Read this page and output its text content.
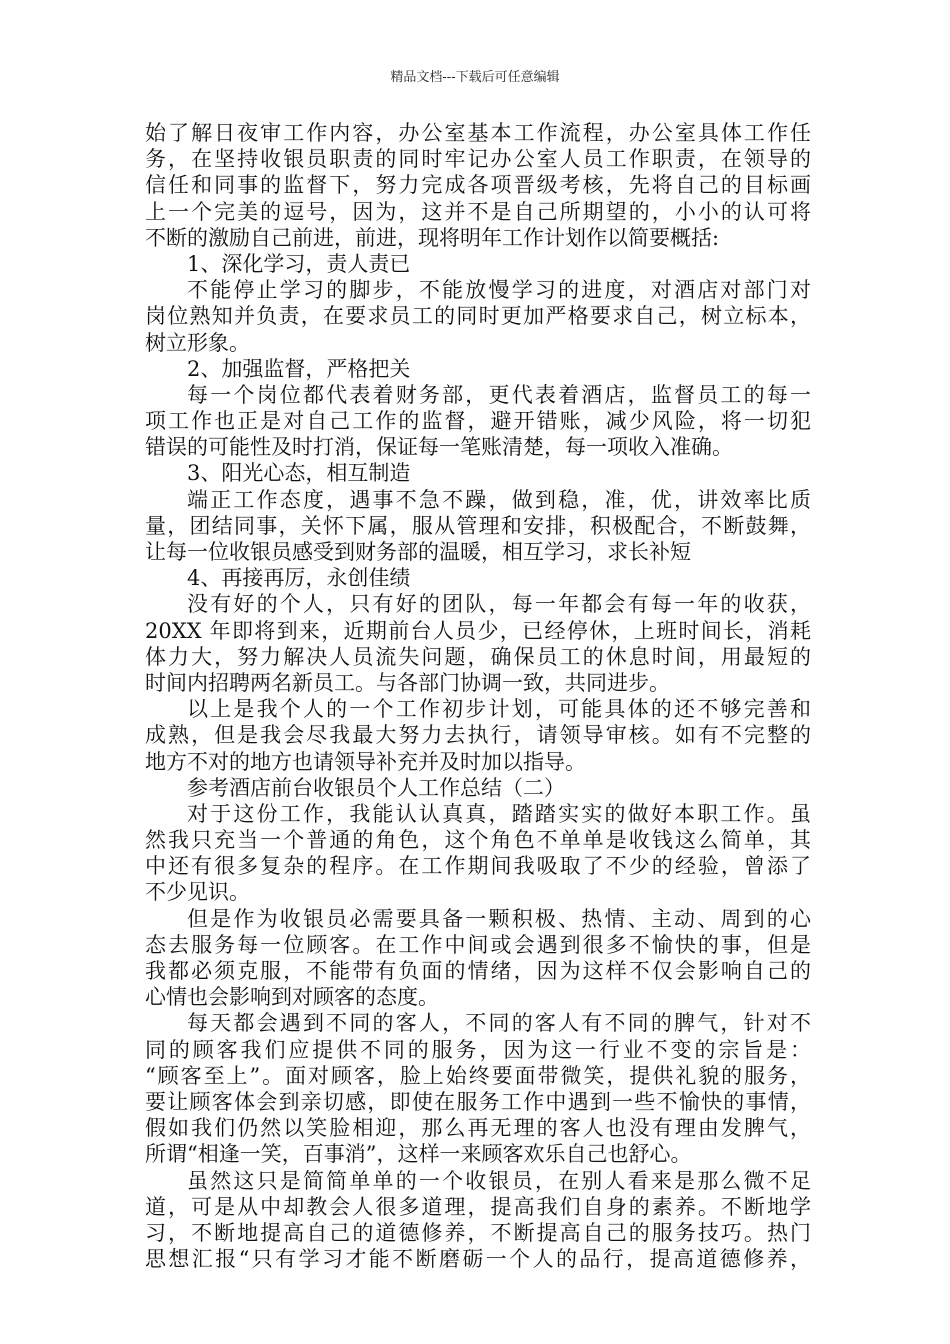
精品文档---下载后可任意编辑
始了解日夜审工作内容，办公室基本工作流程，办公室具体工作任
务，在坚持收银员职责的同时牢记办公室人员工作职责，在领导的
信任和同事的监督下，努力完成各项晋级考核，先将自己的目标画
上一个完美的逗号，因为，这并不是自己所期望的，小小的认可将
不断的激励自己前进，前进，现将明年工作计划作以简要概括:
1、深化学习，责人责已
不能停止学习的脚步，不能放慢学习的进度，对酒店对部门对
岗位熟知并负责，在要求员工的同时更加严格要求自己，树立标本，
树立形象。
2、加强监督，严格把关
每一个岗位都代表着财务部，更代表着酒店，监督员工的每一
项工作也正是对自己工作的监督，避开错账，减少风险，将一切犯
错误的可能性及时打消，保证每一笔账清楚，每一项收入准确。
3、阳光心态，相互制造
端正工作态度，遇事不急不躁，做到稳，准，优，讲效率比质
量，团结同事，关怀下属，服从管理和安排，积极配合，不断鼓舞，
让每一位收银员感受到财务部的温暖，相互学习，求长补短
4、再接再厉，永创佳绩
没有好的个人，只有好的团队，每一年都会有每一年的收获，
20XX 年即将到来，近期前台人员少，已经停休，上班时间长，消耗
体力大，努力解决人员流失问题，确保员工的休息时间，用最短的
时间内招聘两名新员工。与各部门协调一致，共同进步。
以上是我个人的一个工作初步计划，可能具体的还不够完善和
成熟，但是我会尽我最大努力去执行，请领导审核。如有不完整的
地方不对的地方也请领导补充并及时加以指导。
参考酒店前台收银员个人工作总结（二）
对于这份工作，我能认认真真，踏踏实实的做好本职工作。虽
然我只充当一个普通的角色，这个角色不单单是收钱这么简单，其
中还有很多复杂的程序。在工作期间我吸取了不少的经验，曾添了
不少见识。
但是作为收银员必需要具备一颗积极、热情、主动、周到的心
态去服务每一位顾客。在工作中间或会遇到很多不愉快的事，但是
我都必须克服，不能带有负面的情绪，因为这样不仅会影响自己的
心情也会影响到对顾客的态度。
每天都会遇到不同的客人，不同的客人有不同的脾气，针对不
同的顾客我们应提供不同的服务，因为这一行业不变的宗旨是：
“顾客至上”。面对顾客，脸上始终要面带微笑，提供礼貌的服务，
要让顾客体会到亲切感，即使在服务工作中遇到一些不愉快的事情，
假如我们仍然以笑脸相迎，那么再无理的客人也没有理由发脾气，
所谓“相逢一笑，百事消”，这样一来顾客欢乐自己也舒心。
虽然这只是简简单单的一个收银员，在别人看来是那么微不足
道，可是从中却教会人很多道理，提高我们自身的素养。不断地学
习，不断地提高自己的道德修养，不断提高自己的服务技巧。热门
思想汇报“只有学习才能不断磨砺一个人的品行，提高道德修养，
